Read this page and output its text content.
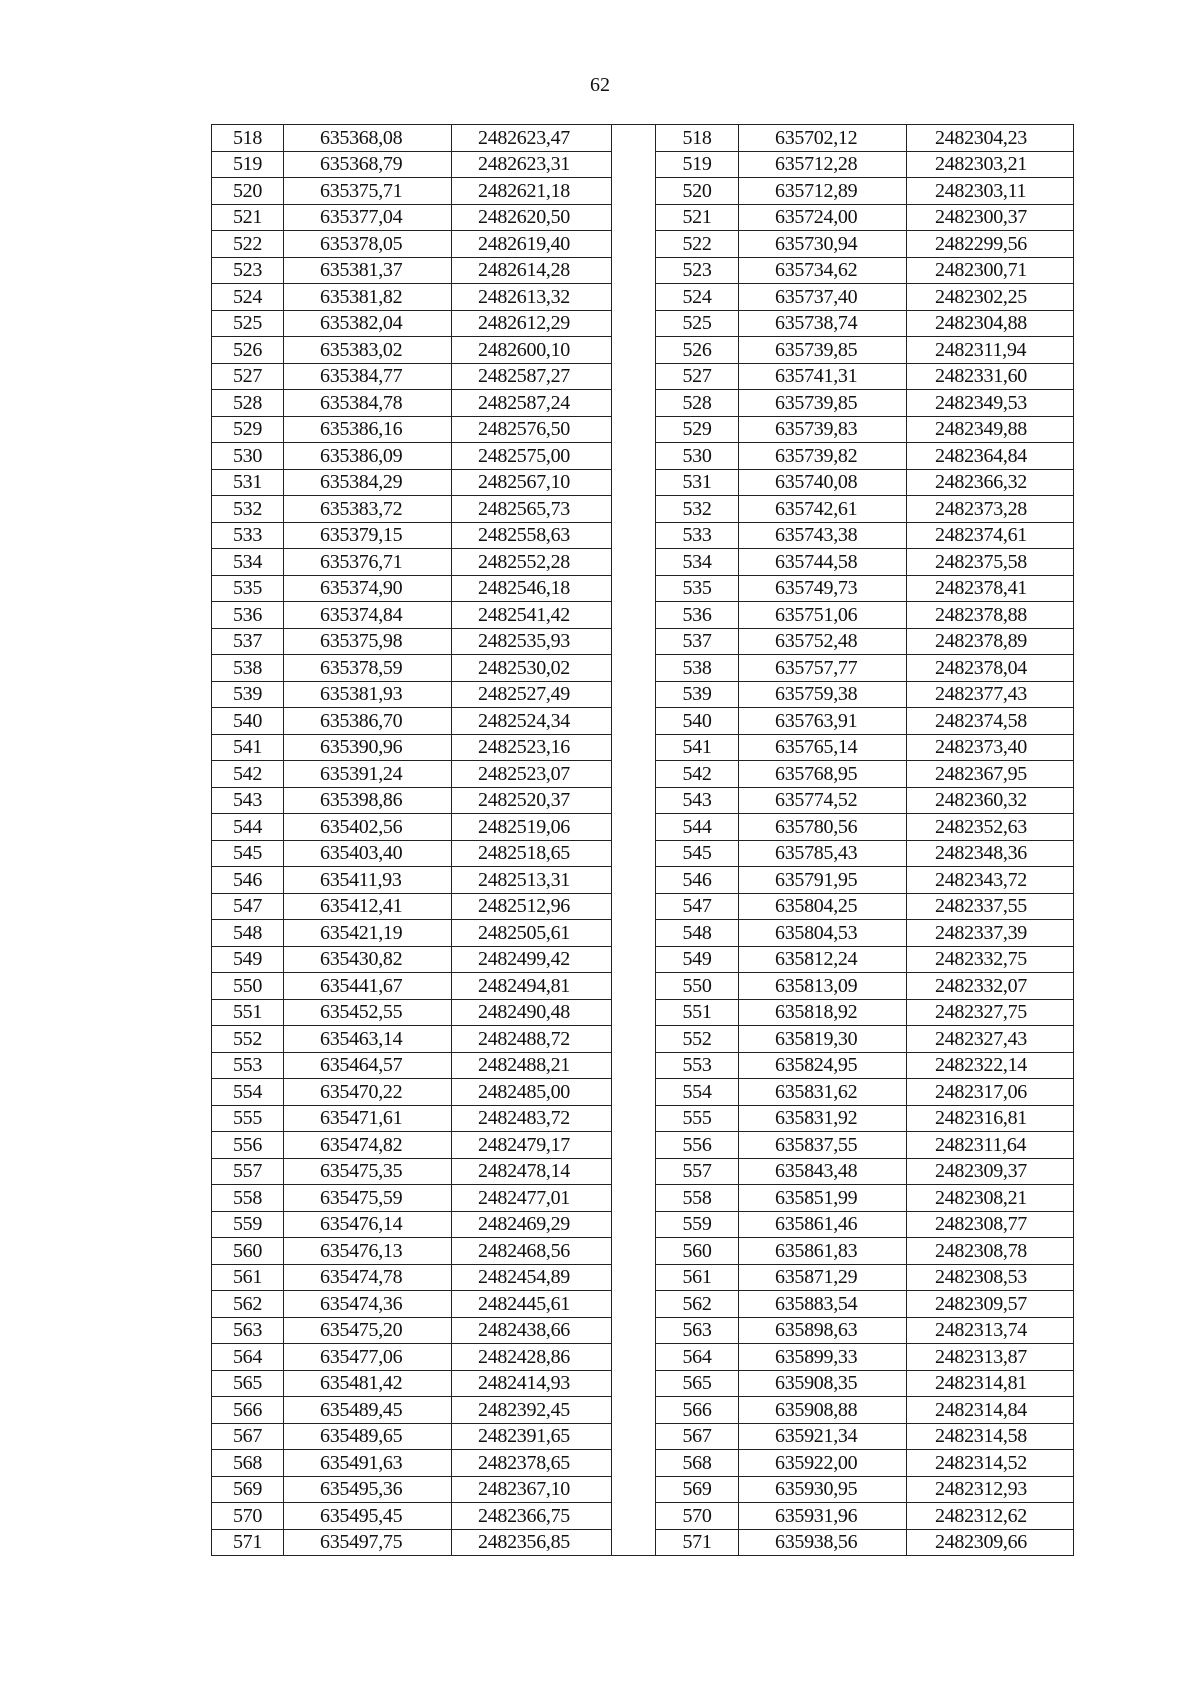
62
518	635368,08	2482623,47		518	635702,12	2482304,23
519	635368,79	2482623,31		519	635712,28	2482303,21
520	635375,71	2482621,18		520	635712,89	2482303,11
521	635377,04	2482620,50		521	635724,00	2482300,37
522	635378,05	2482619,40		522	635730,94	2482299,56
523	635381,37	2482614,28		523	635734,62	2482300,71
524	635381,82	2482613,32		524	635737,40	2482302,25
525	635382,04	2482612,29		525	635738,74	2482304,88
526	635383,02	2482600,10		526	635739,85	2482311,94
527	635384,77	2482587,27		527	635741,31	2482331,60
528	635384,78	2482587,24		528	635739,85	2482349,53
529	635386,16	2482576,50		529	635739,83	2482349,88
530	635386,09	2482575,00		530	635739,82	2482364,84
531	635384,29	2482567,10		531	635740,08	2482366,32
532	635383,72	2482565,73		532	635742,61	2482373,28
533	635379,15	2482558,63		533	635743,38	2482374,61
534	635376,71	2482552,28		534	635744,58	2482375,58
535	635374,90	2482546,18		535	635749,73	2482378,41
536	635374,84	2482541,42		536	635751,06	2482378,88
537	635375,98	2482535,93		537	635752,48	2482378,89
538	635378,59	2482530,02		538	635757,77	2482378,04
539	635381,93	2482527,49		539	635759,38	2482377,43
540	635386,70	2482524,34		540	635763,91	2482374,58
541	635390,96	2482523,16		541	635765,14	2482373,40
542	635391,24	2482523,07		542	635768,95	2482367,95
543	635398,86	2482520,37		543	635774,52	2482360,32
544	635402,56	2482519,06		544	635780,56	2482352,63
545	635403,40	2482518,65		545	635785,43	2482348,36
546	635411,93	2482513,31		546	635791,95	2482343,72
547	635412,41	2482512,96		547	635804,25	2482337,55
548	635421,19	2482505,61		548	635804,53	2482337,39
549	635430,82	2482499,42		549	635812,24	2482332,75
550	635441,67	2482494,81		550	635813,09	2482332,07
551	635452,55	2482490,48		551	635818,92	2482327,75
552	635463,14	2482488,72		552	635819,30	2482327,43
553	635464,57	2482488,21		553	635824,95	2482322,14
554	635470,22	2482485,00		554	635831,62	2482317,06
555	635471,61	2482483,72		555	635831,92	2482316,81
556	635474,82	2482479,17		556	635837,55	2482311,64
557	635475,35	2482478,14		557	635843,48	2482309,37
558	635475,59	2482477,01		558	635851,99	2482308,21
559	635476,14	2482469,29		559	635861,46	2482308,77
560	635476,13	2482468,56		560	635861,83	2482308,78
561	635474,78	2482454,89		561	635871,29	2482308,53
562	635474,36	2482445,61		562	635883,54	2482309,57
563	635475,20	2482438,66		563	635898,63	2482313,74
564	635477,06	2482428,86		564	635899,33	2482313,87
565	635481,42	2482414,93		565	635908,35	2482314,81
566	635489,45	2482392,45		566	635908,88	2482314,84
567	635489,65	2482391,65		567	635921,34	2482314,58
568	635491,63	2482378,65		568	635922,00	2482314,52
569	635495,36	2482367,10		569	635930,95	2482312,93
570	635495,45	2482366,75		570	635931,96	2482312,62
571	635497,75	2482356,85		571	635938,56	2482309,66
